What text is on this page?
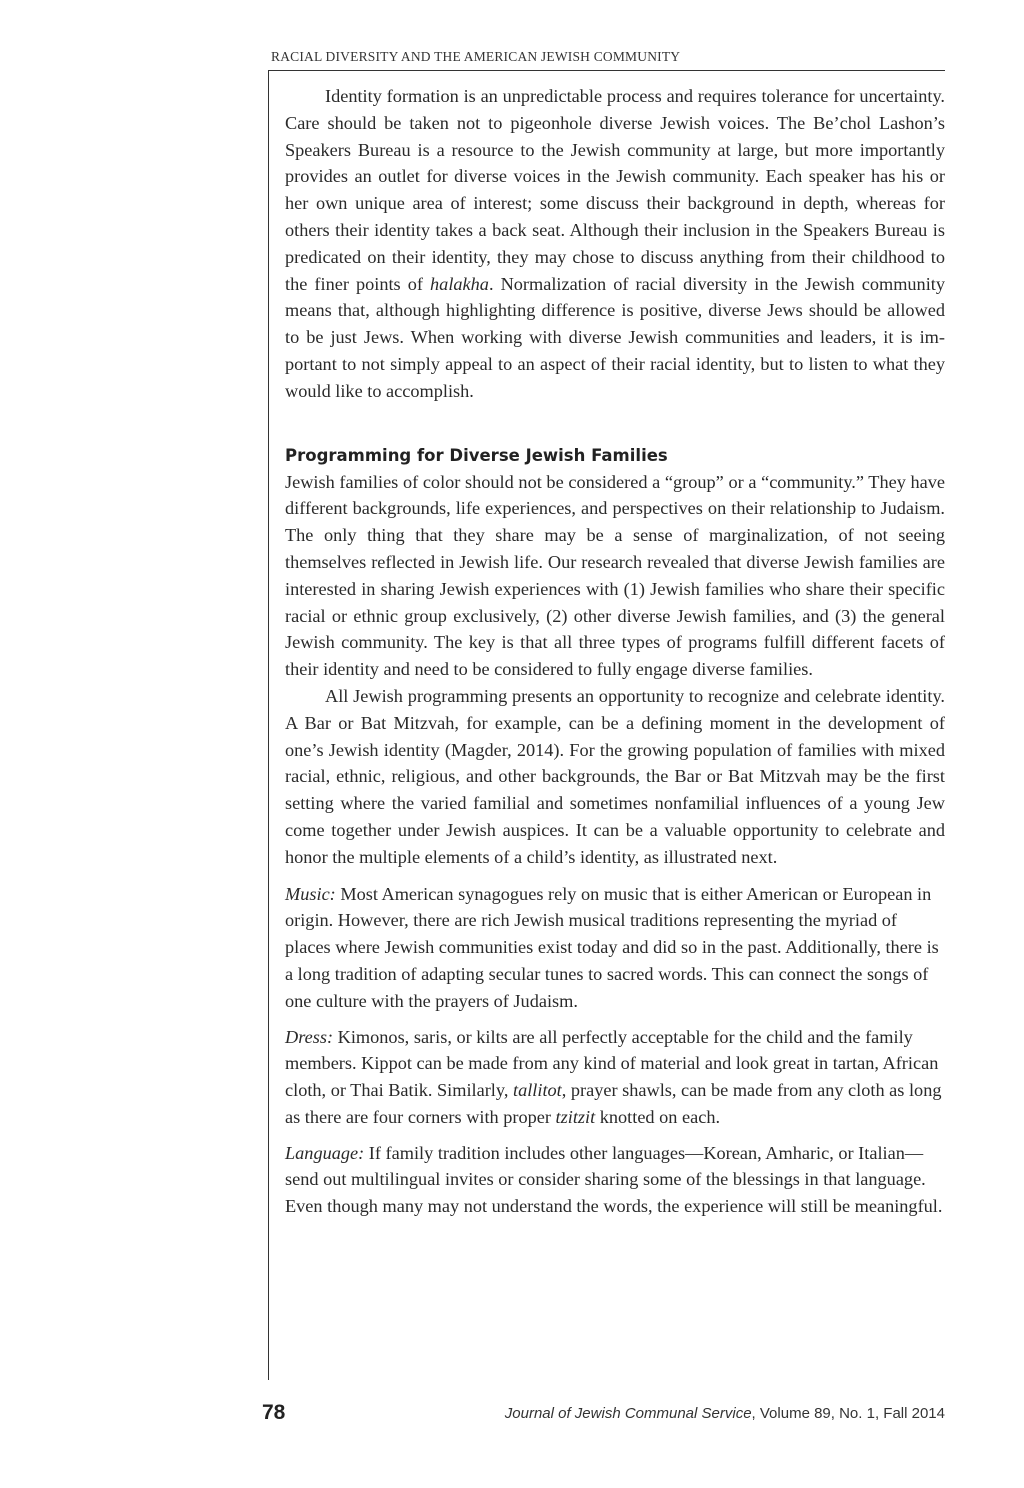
RACIAL DIVERSITY AND THE AMERICAN JEWISH COMMUNITY

Identity formation is an unpredictable process and requires tolerance for uncertainty. Care should be taken not to pigeonhole diverse Jewish voices. The Be’chol Lashon’s Speakers Bureau is a resource to the Jewish community at large, but more importantly provides an outlet for diverse voices in the Jewish community. Each speaker has his or her own unique area of interest; some discuss their background in depth, whereas for others their identity takes a back seat. Although their inclusion in the Speakers Bureau is predicated on their identity, they may chose to discuss anything from their childhood to the finer points of halakha. Normalization of racial diversity in the Jewish community means that, although highlighting difference is positive, diverse Jews should be allowed to be just Jews. When working with diverse Jewish communities and leaders, it is important to not simply appeal to an aspect of their racial identity, but to listen to what they would like to accomplish.

Programming for Diverse Jewish Families

Jewish families of color should not be considered a “group” or a “community.” They have different backgrounds, life experiences, and perspectives on their relationship to Judaism. The only thing that they share may be a sense of marginalization, of not seeing themselves reflected in Jewish life. Our research revealed that diverse Jewish families are interested in sharing Jewish experiences with (1) Jewish families who share their specific racial or ethnic group exclusively, (2) other diverse Jewish families, and (3) the general Jewish community. The key is that all three types of programs fulfill different facets of their identity and need to be considered to fully engage diverse families.

All Jewish programming presents an opportunity to recognize and celebrate identity. A Bar or Bat Mitzvah, for example, can be a defining moment in the development of one’s Jewish identity (Magder, 2014). For the growing population of families with mixed racial, ethnic, religious, and other backgrounds, the Bar or Bat Mitzvah may be the first setting where the varied familial and sometimes nonfamilial influences of a young Jew come together under Jewish auspices. It can be a valuable opportunity to celebrate and honor the multiple elements of a child’s identity, as illustrated next.

Music: Most American synagogues rely on music that is either American or European in origin. However, there are rich Jewish musical traditions representing the myriad of places where Jewish communities exist today and did so in the past. Additionally, there is a long tradition of adapting secular tunes to sacred words. This can connect the songs of one culture with the prayers of Judaism.

Dress: Kimonos, saris, or kilts are all perfectly acceptable for the child and the family members. Kippot can be made from any kind of material and look great in tartan, African cloth, or Thai Batik. Similarly, tallitot, prayer shawls, can be made from any cloth as long as there are four corners with proper tzitzit knotted on each.

Language: If family tradition includes other languages—Korean, Amharic, or Italian—send out multilingual invites or consider sharing some of the blessings in that language. Even though many may not understand the words, the experience will still be meaningful.

78	Journal of Jewish Communal Service, Volume 89, No. 1, Fall 2014
